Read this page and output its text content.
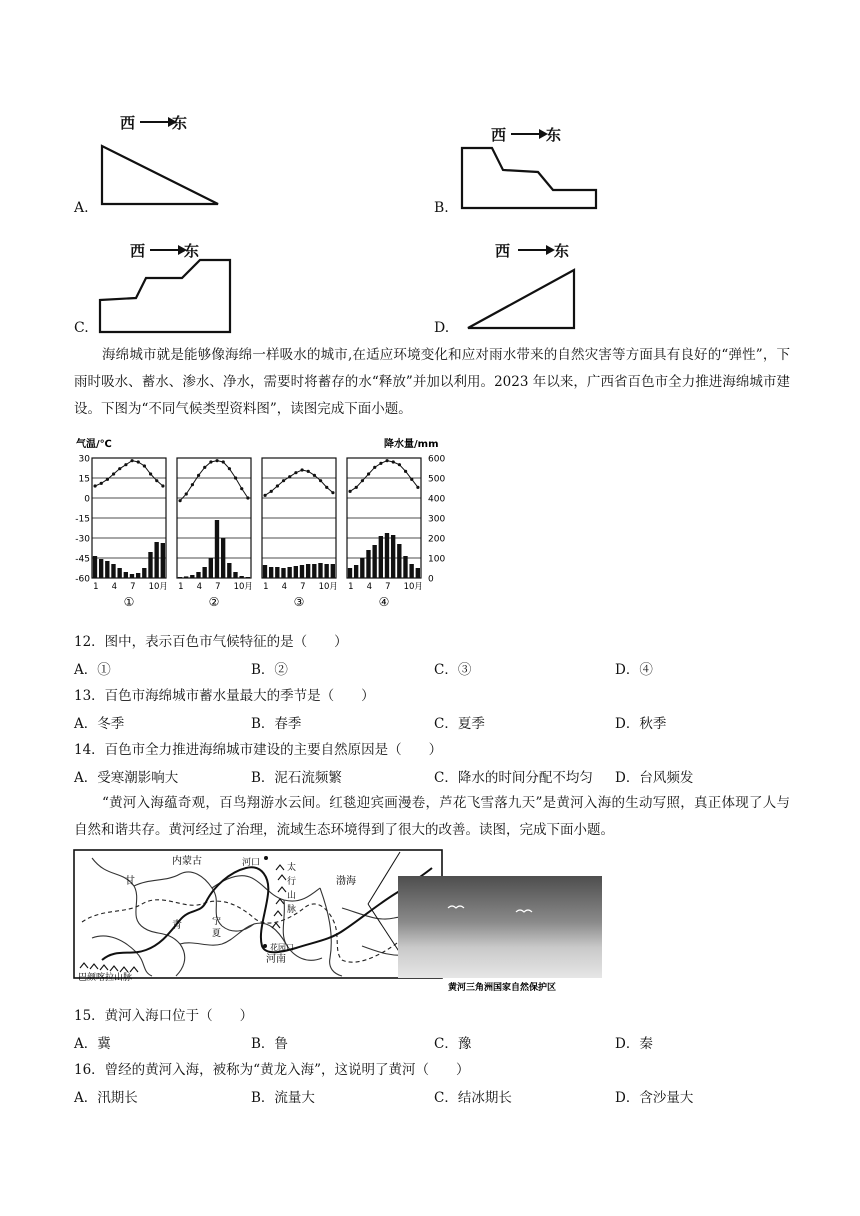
西 东
A.
西	东
B.
西	东
C.
西	东
D.

海绵城市就是能够像海绵一样吸水的城市,在适应环境变化和应对雨水带来的自然灾害等方面具有良好的“弹性”，下雨时吸水、蓄水、渗水、净水，需要时将蓄存的水“释放”并加以利用。2023 年以来，广西省百色市全力推进海绵城市建设。下图为“不同气候类型资料图”，读图完成下面小题。

气温/℃	降水量/mm
30
15
0
-15
-30
-45
-60
600
500
400
300
200
100
0
1 4 7 10月
①
1 4 7 10月
②
1 4 7 10月
③
1 4 7 10月
④
12．图中，表示百色市气候特征的是（　　）
A．①	B．②	C．③	D．④
13．百色市海绵城市蓄水量最大的季节是（　　）
A．冬季	B．春季	C．夏季	D．秋季
14．百色市全力推进海绵城市建设的主要自然原因是（　　）
A．受寒潮影响大	B．泥石流频繁	C．降水的时间分配不均匀 D．台风频发

“黄河入海蕴奇观，百鸟翔游水云间。红毯迎宾画漫卷，芦花飞雪落九天”是黄河入海的生动写照，真正体现了人与自然和谐共存。黄河经过了治理，流域生态环境得到了很大的改善。读图，完成下面小题。

内蒙古	河口
甘
太
行
山
脉
渤海
青	宁
夏
花园口
河南
巴颜喀拉山脉
黄河三角洲国家自然保护区
15．黄河入海口位于（　　）
A．冀	B．鲁	C．豫	D．秦
16．曾经的黄河入海，被称为“黄龙入海”，这说明了黄河（　　）
A．汛期长	B．流量大	C．结冰期长	D．含沙量大
